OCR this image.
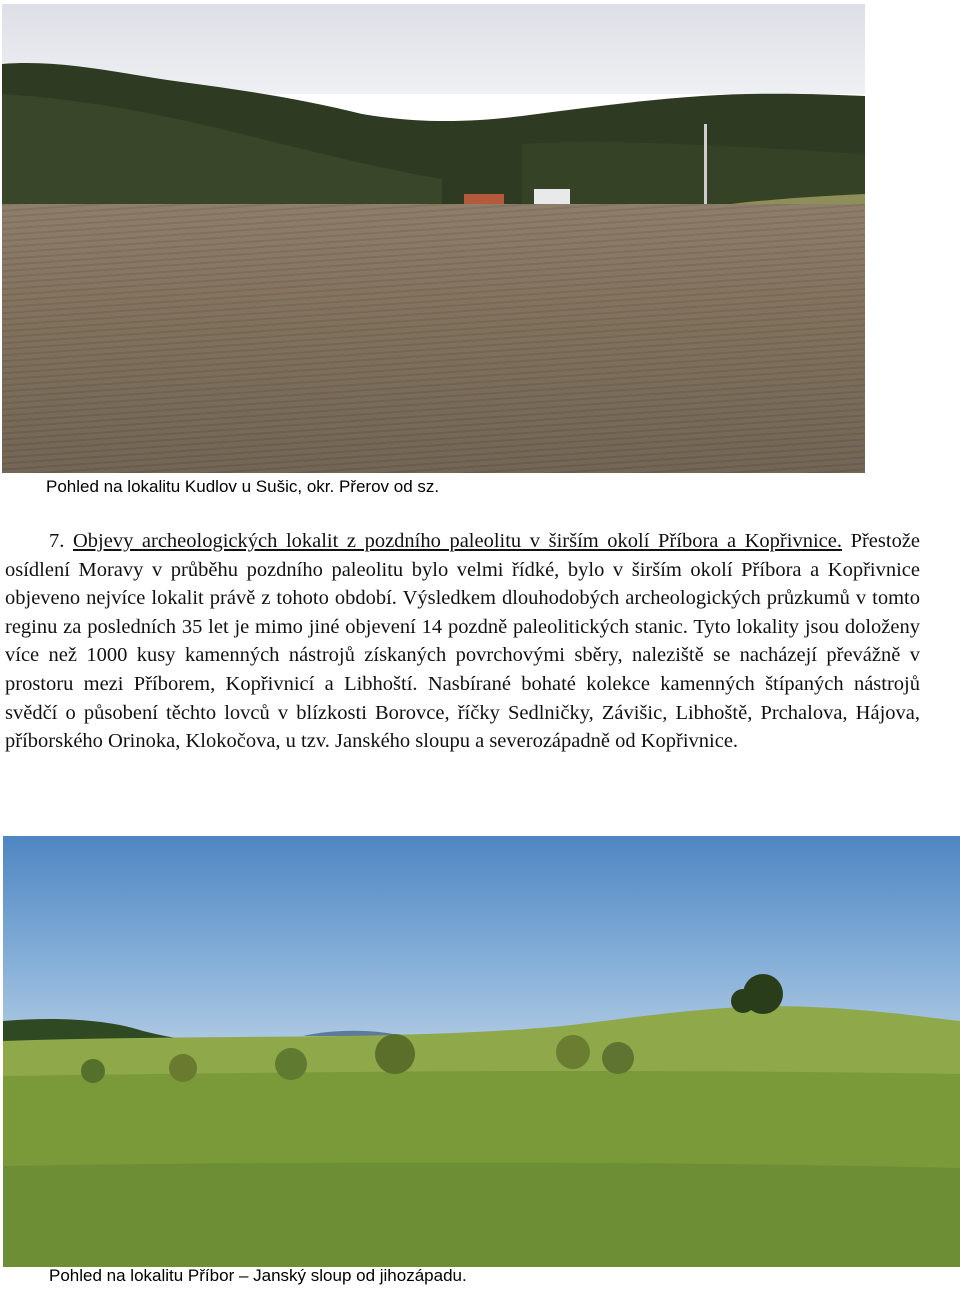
Pohled na lokalitu Kudlov u Sušic, okr. Přerov od sz.
7. Objevy archeologických lokalit z pozdního paleolitu v širším okolí Příbora a Kopřivnice. Přestože osídlení Moravy v průběhu pozdního paleolitu bylo velmi řídké, bylo v širším okolí Příbora a Kopřivnice objeveno nejvíce lokalit právě z tohoto období. Výsledkem dlouhodobých archeologických průzkumů v tomto reginu za posledních 35 let je mimo jiné objevení 14 pozdně paleolitických stanic. Tyto lokality jsou doloženy více než 1000 kusy kamenných nástrojů získaných povrchovými sběry, naleziště se nacházejí převážně v prostoru mezi Příborem, Kopřivnicí a Libhoští. Nasbírané bohaté kolekce kamenných štípaných nástrojů svědčí o působení těchto lovců v blízkosti Borovce, říčky Sedlničky, Závišic, Libhoště, Prchalova, Hájova, příborského Orinoka, Klokočova, u tzv. Janského sloupu a severozápadně od Kopřivnice.
Pohled na lokalitu Příbor – Janský sloup od jihozápadu.
